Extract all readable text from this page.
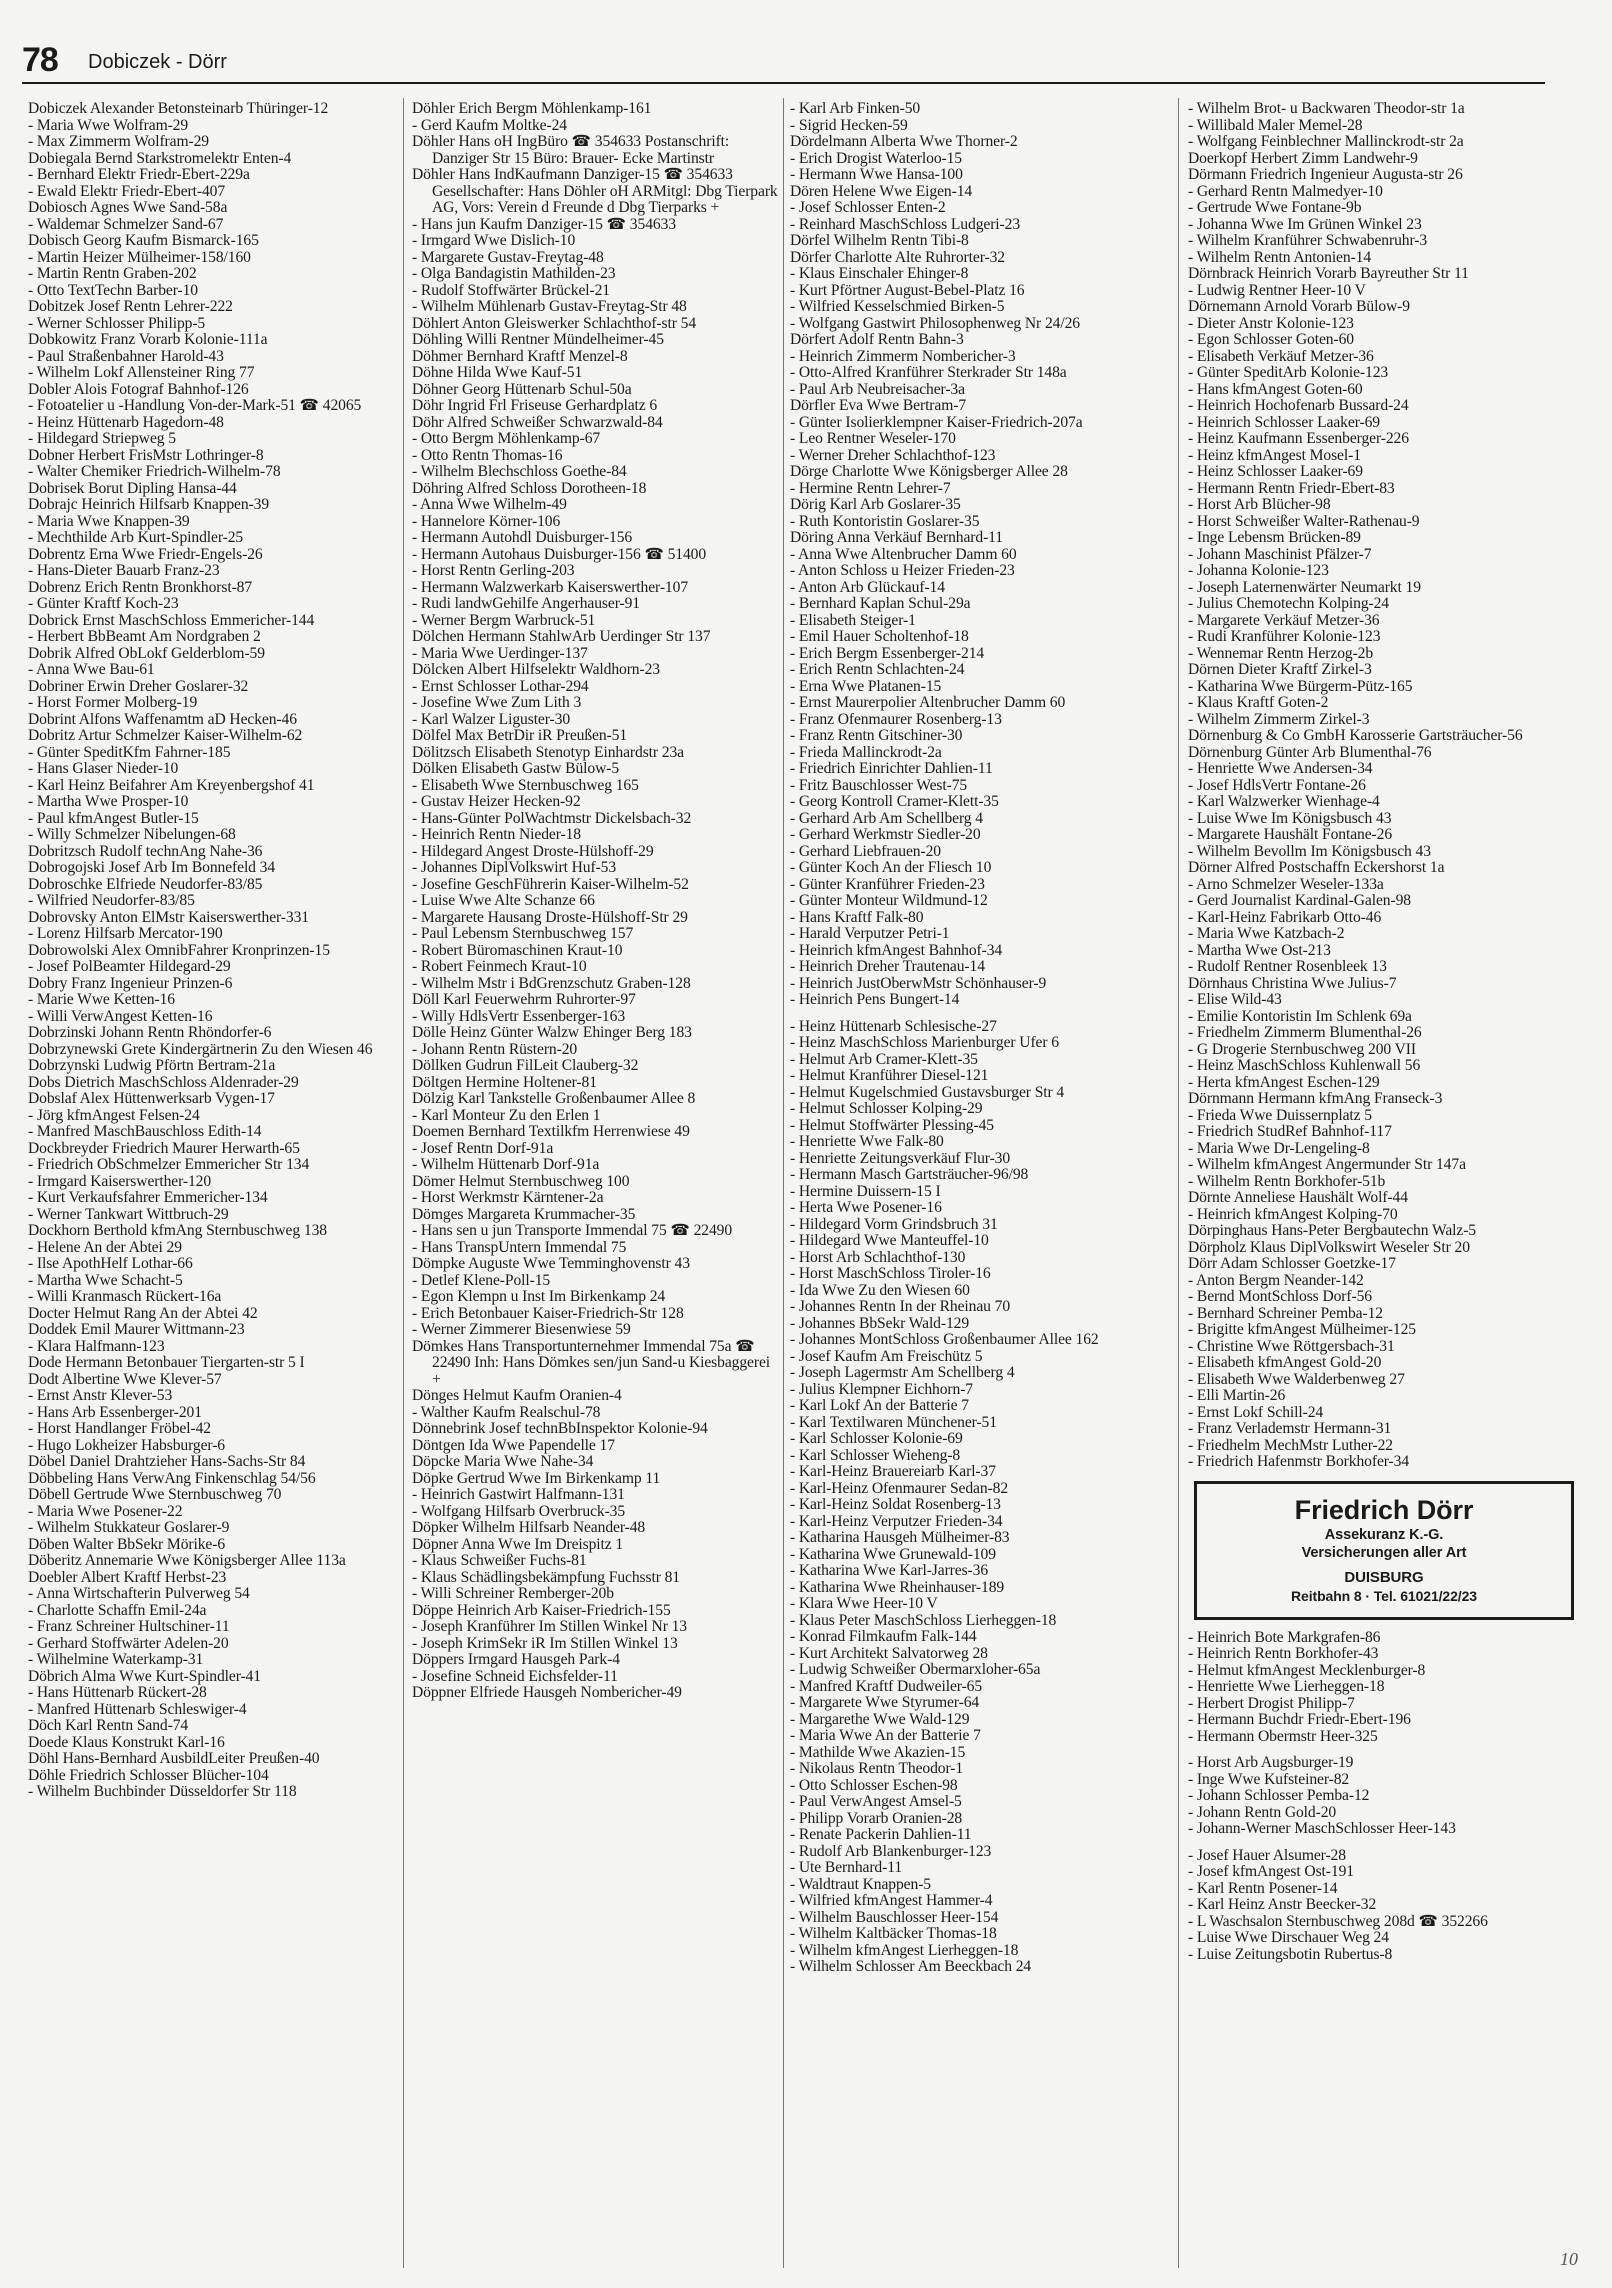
78 Dobiczek - Dörr

Dobiczek Alexander Betonsteinarb Thüringer-12

- Maria Wwe Wolfram-29

- Max Zimmerm Wolfram-29

Dobiegala Bernd Starkstromelektr Enten-4

- Bernhard Elektr Friedr-Ebert-229a

- Ewald Elektr Friedr-Ebert-407

Dobiosch Agnes Wwe Sand-58a

- Waldemar Schmelzer Sand-67

Dobisch Georg Kaufm Bismarck-165

- Martin Heizer Mülheimer-158/160

- Martin Rentn Graben-202

- Otto TextTechn Barber-10

Dobitzek Josef Rentn Lehrer-222

- Werner Schlosser Philipp-5

Dobkowitz Franz Vorarb Kolonie-111a

- Paul Straßenbahner Harold-43

- Wilhelm Lokf Allensteiner Ring 77

Dobler Alois Fotograf Bahnhof-126

- Fotoatelier u -Handlung Von-der-Mark-51 ☎ 42065

- Heinz Hüttenarb Hagedorn-48

- Hildegard Striepweg 5

Dobner Herbert FrisMstr Lothringer-8

- Walter Chemiker Friedrich-Wilhelm-78

Dobrisek Borut Dipling Hansa-44

Dobrajc Heinrich Hilfsarb Knappen-39

- Maria Wwe Knappen-39

- Mechthilde Arb Kurt-Spindler-25

Dobrentz Erna Wwe Friedr-Engels-26

- Hans-Dieter Bauarb Franz-23

Dobrenz Erich Rentn Bronkhorst-87

- Günter Kraftf Koch-23

Dobrick Ernst MaschSchloss Emmericher-144

- Herbert BbBeamt Am Nordgraben 2

Dobrik Alfred ObLokf Gelderblom-59

- Anna Wwe Bau-61

Dobriner Erwin Dreher Goslarer-32

- Horst Former Molberg-19

Dobrint Alfons Waffenamtm aD Hecken-46

Dobritz Artur Schmelzer Kaiser-Wilhelm-62

- Günter SpeditKfm Fahrner-185

- Hans Glaser Nieder-10

- Karl Heinz Beifahrer Am Kreyenbergshof 41

- Martha Wwe Prosper-10

- Paul kfmAngest Butler-15

- Willy Schmelzer Nibelungen-68

Dobritzsch Rudolf technAng Nahe-36

Dobrogojski Josef Arb Im Bonnefeld 34

Dobroschke Elfriede Neudorfer-83/85

- Wilfried Neudorfer-83/85

Dobrovsky Anton ElMstr Kaiserswerther-331

- Lorenz Hilfsarb Mercator-190

Dobrowolski Alex OmnibFahrer Kronprinzen-15

- Josef PolBeamter Hildegard-29

Dobry Franz Ingenieur Prinzen-6

- Marie Wwe Ketten-16

- Willi VerwAngest Ketten-16

Dobrzinski Johann Rentn Rhöndorfer-6

Dobrzynewski Grete Kindergärtnerin Zu den Wiesen 46

Dobrzynski Ludwig Pförtn Bertram-21a

Dobs Dietrich MaschSchloss Aldenrader-29

Dobslaf Alex Hüttenwerksarb Vygen-17

- Jörg kfmAngest Felsen-24

- Manfred MaschBauschloss Edith-14

Dockbreyder Friedrich Maurer Herwarth-65

- Friedrich ObSchmelzer Emmericher Str 134

- Irmgard Kaiserswerther-120

- Kurt Verkaufsfahrer Emmericher-134

- Werner Tankwart Wittbruch-29

Dockhorn Berthold kfmAng Sternbuschweg 138

- Helene An der Abtei 29

- Ilse ApothHelf Lothar-66

- Martha Wwe Schacht-5

- Willi Kranmasch Rückert-16a

Docter Helmut Rang An der Abtei 42

Doddek Emil Maurer Wittmann-23

- Klara Halfmann-123

Dode Hermann Betonbauer Tiergarten-str 5 I

Dodt Albertine Wwe Klever-57

- Ernst Anstr Klever-53

- Hans Arb Essenberger-201

- Horst Handlanger Fröbel-42

- Hugo Lokheizer Habsburger-6

Döbel Daniel Drahtzieher Hans-Sachs-Str 84

Döbbeling Hans VerwAng Finkenschlag 54/56

Döbell Gertrude Wwe Sternbuschweg 70

- Maria Wwe Posener-22

- Wilhelm Stukkateur Goslarer-9

Döben Walter BbSekr Mörike-6

Döberitz Annemarie Wwe Königsberger Allee 113a

Doebler Albert Kraftf Herbst-23

- Anna Wirtschafterin Pulverweg 54

- Charlotte Schaffn Emil-24a

- Franz Schreiner Hultschiner-11

- Gerhard Stoffwärter Adelen-20

- Wilhelmine Waterkamp-31

Döbrich Alma Wwe Kurt-Spindler-41

- Hans Hüttenarb Rückert-28

- Manfred Hüttenarb Schleswiger-4

Döch Karl Rentn Sand-74

Doede Klaus Konstrukt Karl-16

Döhl Hans-Bernhard AusbildLeiter Preußen-40

Döhle Friedrich Schlosser Blücher-104

- Wilhelm Buchbinder Düsseldorfer Str 118

Döhler Erich Bergm Möhlenkamp-161

- Gerd Kaufm Moltke-24

Döhler Hans oH IngBüro ☎ 354633 Postanschrift: Danziger Str 15 Büro: Brauer- Ecke Martinstr

Döhler Hans IndKaufmann Danziger-15 ☎ 354633 Gesellschafter: Hans Döhler oH ARMitgl: Dbg Tierpark AG, Vors: Verein d Freunde d Dbg Tierparks +

- Hans jun Kaufm Danziger-15 ☎ 354633

- Irmgard Wwe Dislich-10

- Margarete Gustav-Freytag-48

- Olga Bandagistin Mathilden-23

- Rudolf Stoffwärter Brückel-21

- Wilhelm Mühlenarb Gustav-Freytag-Str 48

Döhlert Anton Gleiswerker Schlachthof-str 54

Döhling Willi Rentner Mündelheimer-45

Döhmer Bernhard Kraftf Menzel-8

Döhne Hilda Wwe Kauf-51

Döhner Georg Hüttenarb Schul-50a

Döhr Ingrid Frl Friseuse Gerhardplatz 6

Döhr Alfred Schweißer Schwarzwald-84

- Otto Bergm Möhlenkamp-67

- Otto Rentn Thomas-16

- Wilhelm Blechschloss Goethe-84

Döhring Alfred Schloss Dorotheen-18

- Anna Wwe Wilhelm-49

- Hannelore Körner-106

- Hermann Autohdl Duisburger-156

- Hermann Autohaus Duisburger-156 ☎ 51400

- Horst Rentn Gerling-203

- Hermann Walzwerkarb Kaiserswerther-107

- Rudi landwGehilfe Angerhauser-91

- Werner Bergm Warbruck-51

Dölchen Hermann StahlwArb Uerdinger Str 137

- Maria Wwe Uerdinger-137

Dölcken Albert Hilfselektr Waldhorn-23

- Ernst Schlosser Lothar-294

- Josefine Wwe Zum Lith 3

- Karl Walzer Liguster-30

Dölfel Max BetrDir iR Preußen-51

Dölitzsch Elisabeth Stenotyp Einhardstr 23a

Dölken Elisabeth Gastw Bülow-5

- Elisabeth Wwe Sternbuschweg 165

- Gustav Heizer Hecken-92

- Hans-Günter PolWachtmstr Dickelsbach-32

- Heinrich Rentn Nieder-18

- Hildegard Angest Droste-Hülshoff-29

- Johannes DiplVolkswirt Huf-53

- Josefine GeschFührerin Kaiser-Wilhelm-52

- Luise Wwe Alte Schanze 66

- Margarete Hausang Droste-Hülshoff-Str 29

- Paul Lebensm Sternbuschweg 157

- Robert Büromaschinen Kraut-10

- Robert Feinmech Kraut-10

- Wilhelm Mstr i BdGrenzschutz Graben-128

Döll Karl Feuerwehrm Ruhrorter-97

- Willy HdlsVertr Essenberger-163

Dölle Heinz Günter Walzw Ehinger Berg 183

- Johann Rentn Rüstern-20

Döllken Gudrun FilLeit Clauberg-32

Döltgen Hermine Holtener-81

Dölzig Karl Tankstelle Großenbaumer Allee 8

- Karl Monteur Zu den Erlen 1

Doemen Bernhard Textilkfm Herrenwiese 49

- Josef Rentn Dorf-91a

- Wilhelm Hüttenarb Dorf-91a

Dömer Helmut Sternbuschweg 100

- Horst Werkmstr Kärntener-2a

Dömges Margareta Krummacher-35

- Hans sen u jun Transporte Immendal 75 ☎ 22490

- Hans TranspUntern Immendal 75

Dömpke Auguste Wwe Temminghovenstr 43

- Detlef Klene-Poll-15

- Egon Klempn u Inst Im Birkenkamp 24

- Erich Betonbauer Kaiser-Friedrich-Str 128

- Werner Zimmerer Biesenwiese 59

Dömkes Hans Transportunternehmer Immendal 75a ☎ 22490 Inh: Hans Dömkes sen/jun Sand-u Kiesbaggerei +

Dönges Helmut Kaufm Oranien-4

- Walther Kaufm Realschul-78

Dönnebrink Josef technBbInspektor Kolonie-94

Döntgen Ida Wwe Papendelle 17

Döpcke Maria Wwe Nahe-34

Döpke Gertrud Wwe Im Birkenkamp 11

- Heinrich Gastwirt Halfmann-131

- Wolfgang Hilfsarb Overbruck-35

Döpker Wilhelm Hilfsarb Neander-48

Döpner Anna Wwe Im Dreispitz 1

- Klaus Schweißer Fuchs-81

- Klaus Schädlingsbekämpfung Fuchsstr 81

- Willi Schreiner Remberger-20b

Döppe Heinrich Arb Kaiser-Friedrich-155

- Joseph Kranführer Im Stillen Winkel Nr 13

- Joseph KrimSekr iR Im Stillen Winkel 13

Döppers Irmgard Hausgeh Park-4

- Josefine Schneid Eichsfelder-11

Döppner Elfriede Hausgeh Nombericher-49

- Karl Arb Finken-50

- Sigrid Hecken-59

Dördelmann Alberta Wwe Thorner-2

- Erich Drogist Waterloo-15

- Hermann Wwe Hansa-100

Dören Helene Wwe Eigen-14

- Josef Schlosser Enten-2

- Reinhard MaschSchloss Ludgeri-23

Dörfel Wilhelm Rentn Tibi-8

Dörfer Charlotte Alte Ruhrorter-32

- Klaus Einschaler Ehinger-8

- Kurt Pförtner August-Bebel-Platz 16

- Wilfried Kesselschmied Birken-5

- Wolfgang Gastwirt Philosophenweg Nr 24/26

Dörfert Adolf Rentn Bahn-3

- Heinrich Zimmerm Nombericher-3

- Otto-Alfred Kranführer Sterkrader Str 148a

- Paul Arb Neubreisacher-3a

Dörfler Eva Wwe Bertram-7

- Günter Isolierklempner Kaiser-Friedrich-207a

- Leo Rentner Weseler-170

- Werner Dreher Schlachthof-123

Dörge Charlotte Wwe Königsberger Allee 28

- Hermine Rentn Lehrer-7

Dörig Karl Arb Goslarer-35

- Ruth Kontoristin Goslarer-35

Döring Anna Verkäuf Bernhard-11

- Anna Wwe Altenbrucher Damm 60

- Anton Schloss u Heizer Frieden-23

- Anton Arb Glückauf-14

- Bernhard Kaplan Schul-29a

- Elisabeth Steiger-1

- Emil Hauer Scholtenhof-18

- Erich Bergm Essenberger-214

- Erich Rentn Schlachten-24

- Erna Wwe Platanen-15

- Ernst Maurerpolier Altenbrucher Damm 60

- Franz Ofenmaurer Rosenberg-13

- Franz Rentn Gitschiner-30

- Frieda Mallinckrodt-2a

- Friedrich Einrichter Dahlien-11

- Fritz Bauschlosser West-75

- Georg Kontroll Cramer-Klett-35

- Gerhard Arb Am Schellberg 4

- Gerhard Werkmstr Siedler-20

- Gerhard Liebfrauen-20

- Günter Koch An der Fliesch 10

- Günter Kranführer Frieden-23

- Günter Monteur Wildmund-12

- Hans Kraftf Falk-80

- Harald Verputzer Petri-1

- Heinrich kfmAngest Bahnhof-34

- Heinrich Dreher Trautenau-14

- Heinrich JustOberwMstr Schönhauser-9

- Heinrich Pens Bungert-14

- Heinz Hüttenarb Schlesische-27

- Heinz MaschSchloss Marienburger Ufer 6

- Helmut Arb Cramer-Klett-35

- Helmut Kranführer Diesel-121

- Helmut Kugelschmied Gustavsburger Str 4

- Helmut Schlosser Kolping-29

- Helmut Stoffwärter Plessing-45

- Henriette Wwe Falk-80

- Henriette Zeitungsverkäuf Flur-30

- Hermann Masch Gartsträucher-96/98

- Hermine Duissern-15 I

- Herta Wwe Posener-16

- Hildegard Vorm Grindsbruch 31

- Hildegard Wwe Manteuffel-10

- Horst Arb Schlachthof-130

- Horst MaschSchloss Tiroler-16

- Ida Wwe Zu den Wiesen 60

- Johannes Rentn In der Rheinau 70

- Johannes BbSekr Wald-129

- Johannes MontSchloss Großenbaumer Allee 162

- Josef Kaufm Am Freischütz 5

- Joseph Lagermstr Am Schellberg 4

- Julius Klempner Eichhorn-7

- Karl Lokf An der Batterie 7

- Karl Textilwaren Münchener-51

- Karl Schlosser Kolonie-69

- Karl Schlosser Wieheng-8

- Karl-Heinz Brauereiarb Karl-37

- Karl-Heinz Ofenmaurer Sedan-82

- Karl-Heinz Soldat Rosenberg-13

- Karl-Heinz Verputzer Frieden-34

- Katharina Hausgeh Mülheimer-83

- Katharina Wwe Grunewald-109

- Katharina Wwe Karl-Jarres-36

- Katharina Wwe Rheinhauser-189

- Klara Wwe Heer-10 V

- Klaus Peter MaschSchloss Lierheggen-18

- Konrad Filmkaufm Falk-144

- Kurt Architekt Salvatorweg 28

- Ludwig Schweißer Obermarxloher-65a

- Manfred Kraftf Dudweiler-65

- Margarete Wwe Styrumer-64

- Margarethe Wwe Wald-129

- Maria Wwe An der Batterie 7

- Mathilde Wwe Akazien-15

- Nikolaus Rentn Theodor-1

- Otto Schlosser Eschen-98

- Paul VerwAngest Amsel-5

- Philipp Vorarb Oranien-28

- Renate Packerin Dahlien-11

- Rudolf Arb Blankenburger-123

- Ute Bernhard-11

- Waldtraut Knappen-5

- Wilfried kfmAngest Hammer-4

- Wilhelm Bauschlosser Heer-154

- Wilhelm Kaltbäcker Thomas-18

- Wilhelm kfmAngest Lierheggen-18

- Wilhelm Schlosser Am Beeckbach 24

- Wilhelm Brot- u Backwaren Theodor-str 1a

- Willibald Maler Memel-28

- Wolfgang Feinblechner Mallinckrodt-str 2a

Doerkopf Herbert Zimm Landwehr-9

Dörmann Friedrich Ingenieur Augusta-str 26

- Gerhard Rentn Malmedyer-10

- Gertrude Wwe Fontane-9b

- Johanna Wwe Im Grünen Winkel 23

- Wilhelm Kranführer Schwabenruhr-3

- Wilhelm Rentn Antonien-14

Dörnbrack Heinrich Vorarb Bayreuther Str 11

- Ludwig Rentner Heer-10 V

Dörnemann Arnold Vorarb Bülow-9

- Dieter Anstr Kolonie-123

- Egon Schlosser Goten-60

- Elisabeth Verkäuf Metzer-36

- Günter SpeditArb Kolonie-123

- Hans kfmAngest Goten-60

- Heinrich Hochofenarb Bussard-24

- Heinrich Schlosser Laaker-69

- Heinz Kaufmann Essenberger-226

- Heinz kfmAngest Mosel-1

- Heinz Schlosser Laaker-69

- Hermann Rentn Friedr-Ebert-83

- Horst Arb Blücher-98

- Horst Schweißer Walter-Rathenau-9

- Inge Lebensm Brücken-89

- Johann Maschinist Pfälzer-7

- Johanna Kolonie-123

- Joseph Laternenwärter Neumarkt 19

- Julius Chemotechn Kolping-24

- Margarete Verkäuf Metzer-36

- Rudi Kranführer Kolonie-123

- Wennemar Rentn Herzog-2b

Dörnen Dieter Kraftf Zirkel-3

- Katharina Wwe Bürgerm-Pütz-165

- Klaus Kraftf Goten-2

- Wilhelm Zimmerm Zirkel-3

Dörnenburg & Co GmbH Karosserie Gartsträucher-56

Dörnenburg Günter Arb Blumenthal-76

- Henriette Wwe Andersen-34

- Josef HdlsVertr Fontane-26

- Karl Walzwerker Wienhage-4

- Luise Wwe Im Königsbusch 43

- Margarete Haushält Fontane-26

- Wilhelm Bevollm Im Königsbusch 43

Dörner Alfred Postschaffn Eckershorst 1a

- Arno Schmelzer Weseler-133a

- Gerd Journalist Kardinal-Galen-98

- Karl-Heinz Fabrikarb Otto-46

- Maria Wwe Katzbach-2

- Martha Wwe Ost-213

- Rudolf Rentner Rosenbleek 13

Dörnhaus Christina Wwe Julius-7

- Elise Wild-43

- Emilie Kontoristin Im Schlenk 69a

- Friedhelm Zimmerm Blumenthal-26

- G Drogerie Sternbuschweg 200 VII

- Heinz MaschSchloss Kuhlenwall 56

- Herta kfmAngest Eschen-129

Dörnmann Hermann kfmAng Franseck-3

- Frieda Wwe Duissernplatz 5

- Friedrich StudRef Bahnhof-117

- Maria Wwe Dr-Lengeling-8

- Wilhelm kfmAngest Angermunder Str 147a

- Wilhelm Rentn Borkhofer-51b

Dörnte Anneliese Haushält Wolf-44

- Heinrich kfmAngest Kolping-70

Dörpinghaus Hans-Peter Bergbautechn Walz-5

Dörpholz Klaus DiplVolkswirt Weseler Str 20

Dörr Adam Schlosser Goetzke-17

- Anton Bergm Neander-142

- Bernd MontSchloss Dorf-56

- Bernhard Schreiner Pemba-12

- Brigitte kfmAngest Mülheimer-125

- Christine Wwe Röttgersbach-31

- Elisabeth kfmAngest Gold-20

- Elisabeth Wwe Walderbenweg 27

- Elli Martin-26

- Ernst Lokf Schill-24

- Franz Verlademstr Hermann-31

- Friedhelm MechMstr Luther-22

- Friedrich Hafenmstr Borkhofer-34

Friedrich Dörr
Assekuranz K.-G.
Versicherungen aller Art
DUISBURG
Reitbahn 8 · Tel. 61021/22/23

- Heinrich Bote Markgrafen-86

- Heinrich Rentn Borkhofer-43

- Helmut kfmAngest Mecklenburger-8

- Henriette Wwe Lierheggen-18

- Herbert Drogist Philipp-7

- Hermann Buchdr Friedr-Ebert-196

- Hermann Obermstr Heer-325

- Horst Arb Augsburger-19

- Inge Wwe Kufsteiner-82

- Johann Schlosser Pemba-12

- Johann Rentn Gold-20

- Johann-Werner MaschSchlosser Heer-143

- Josef Hauer Alsumer-28

- Josef kfmAngest Ost-191

- Karl Rentn Posener-14

- Karl Heinz Anstr Beecker-32

- L Waschsalon Sternbuschweg 208d ☎ 352266

- Luise Wwe Dirschauer Weg 24

- Luise Zeitungsbotin Rubertus-8

10
